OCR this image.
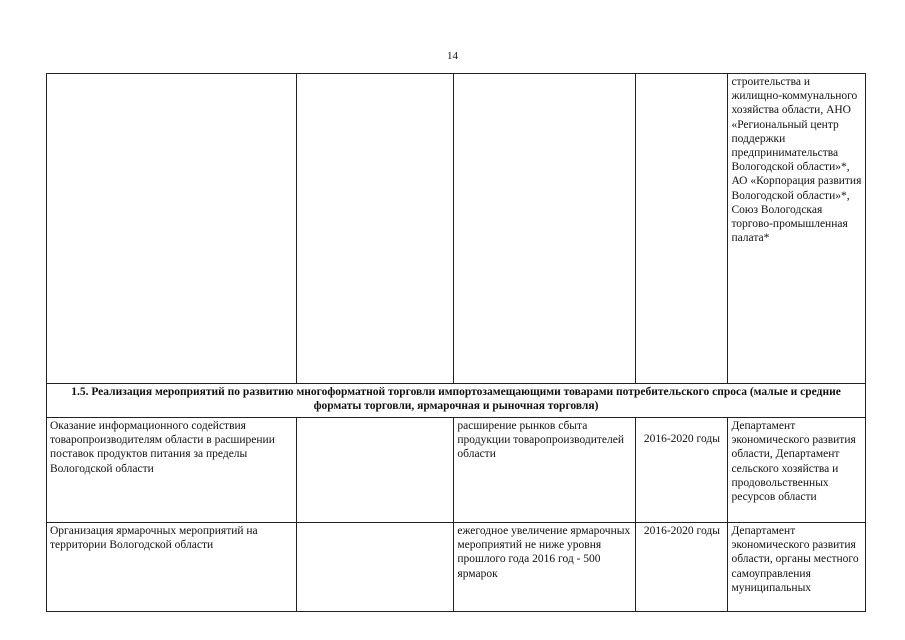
14
				строительства и жилищно-коммунального хозяйства области, АНО «Региональный центр поддержки предпринимательства Вологодской области»*, АО «Корпорация развития Вологодской области»*, Союз Вологодская торгово-промышленная палата*
1.5. Реализация мероприятий по развитию многоформатной торговли импортозамещающими товарами потребительского спроса (малые и средние форматы торговли, ярмарочная и рыночная торговля)				
Оказание информационного содействия товаропроизводителям области в расширении поставок продуктов питания за пределы Вологодской области		расширение рынков сбыта продукции товаропроизводителей области	2016-2020 годы	Департамент экономического развития области, Департамент сельского хозяйства и продовольственных ресурсов области
Организация ярмарочных мероприятий на территории Вологодской области		ежегодное увеличение ярмарочных мероприятий не ниже уровня прошлого года 2016 год - 500 ярмарок	2016-2020 годы	Департамент экономического развития области, органы местного самоуправления муниципальных
